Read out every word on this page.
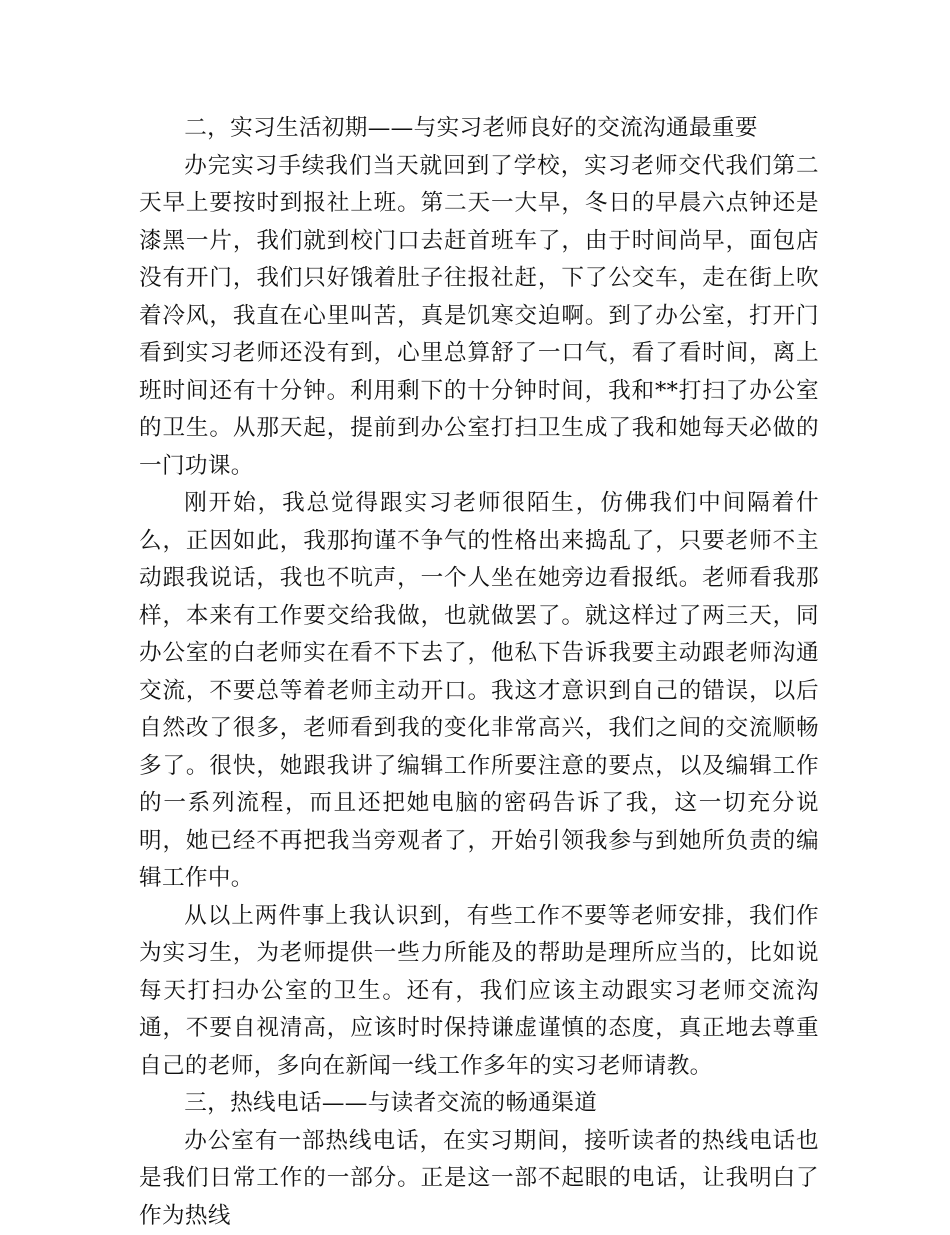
二，实习生活初期——与实习老师良好的交流沟通最重要

办完实习手续我们当天就回到了学校，实习老师交代我们第二天早上要按时到报社上班。第二天一大早，冬日的早晨六点钟还是漆黑一片，我们就到校门口去赶首班车了，由于时间尚早，面包店没有开门，我们只好饿着肚子往报社赶，下了公交车，走在街上吹着冷风，我直在心里叫苦，真是饥寒交迫啊。到了办公室，打开门看到实习老师还没有到，心里总算舒了一口气，看了看时间，离上班时间还有十分钟。利用剩下的十分钟时间，我和**打扫了办公室的卫生。从那天起，提前到办公室打扫卫生成了我和她每天必做的一门功课。

刚开始，我总觉得跟实习老师很陌生，仿佛我们中间隔着什么，正因如此，我那拘谨不争气的性格出来捣乱了，只要老师不主动跟我说话，我也不吭声，一个人坐在她旁边看报纸。老师看我那样，本来有工作要交给我做，也就做罢了。就这样过了两三天，同办公室的白老师实在看不下去了，他私下告诉我要主动跟老师沟通交流，不要总等着老师主动开口。我这才意识到自己的错误，以后自然改了很多，老师看到我的变化非常高兴，我们之间的交流顺畅多了。很快，她跟我讲了编辑工作所要注意的要点，以及编辑工作的一系列流程，而且还把她电脑的密码告诉了我，这一切充分说明，她已经不再把我当旁观者了，开始引领我参与到她所负责的编辑工作中。

从以上两件事上我认识到，有些工作不要等老师安排，我们作为实习生，为老师提供一些力所能及的帮助是理所应当的，比如说每天打扫办公室的卫生。还有，我们应该主动跟实习老师交流沟通，不要自视清高，应该时时保持谦虚谨慎的态度，真正地去尊重自己的老师，多向在新闻一线工作多年的实习老师请教。

三，热线电话——与读者交流的畅通渠道

办公室有一部热线电话，在实习期间，接听读者的热线电话也是我们日常工作的一部分。正是这一部不起眼的电话，让我明白了作为热线
